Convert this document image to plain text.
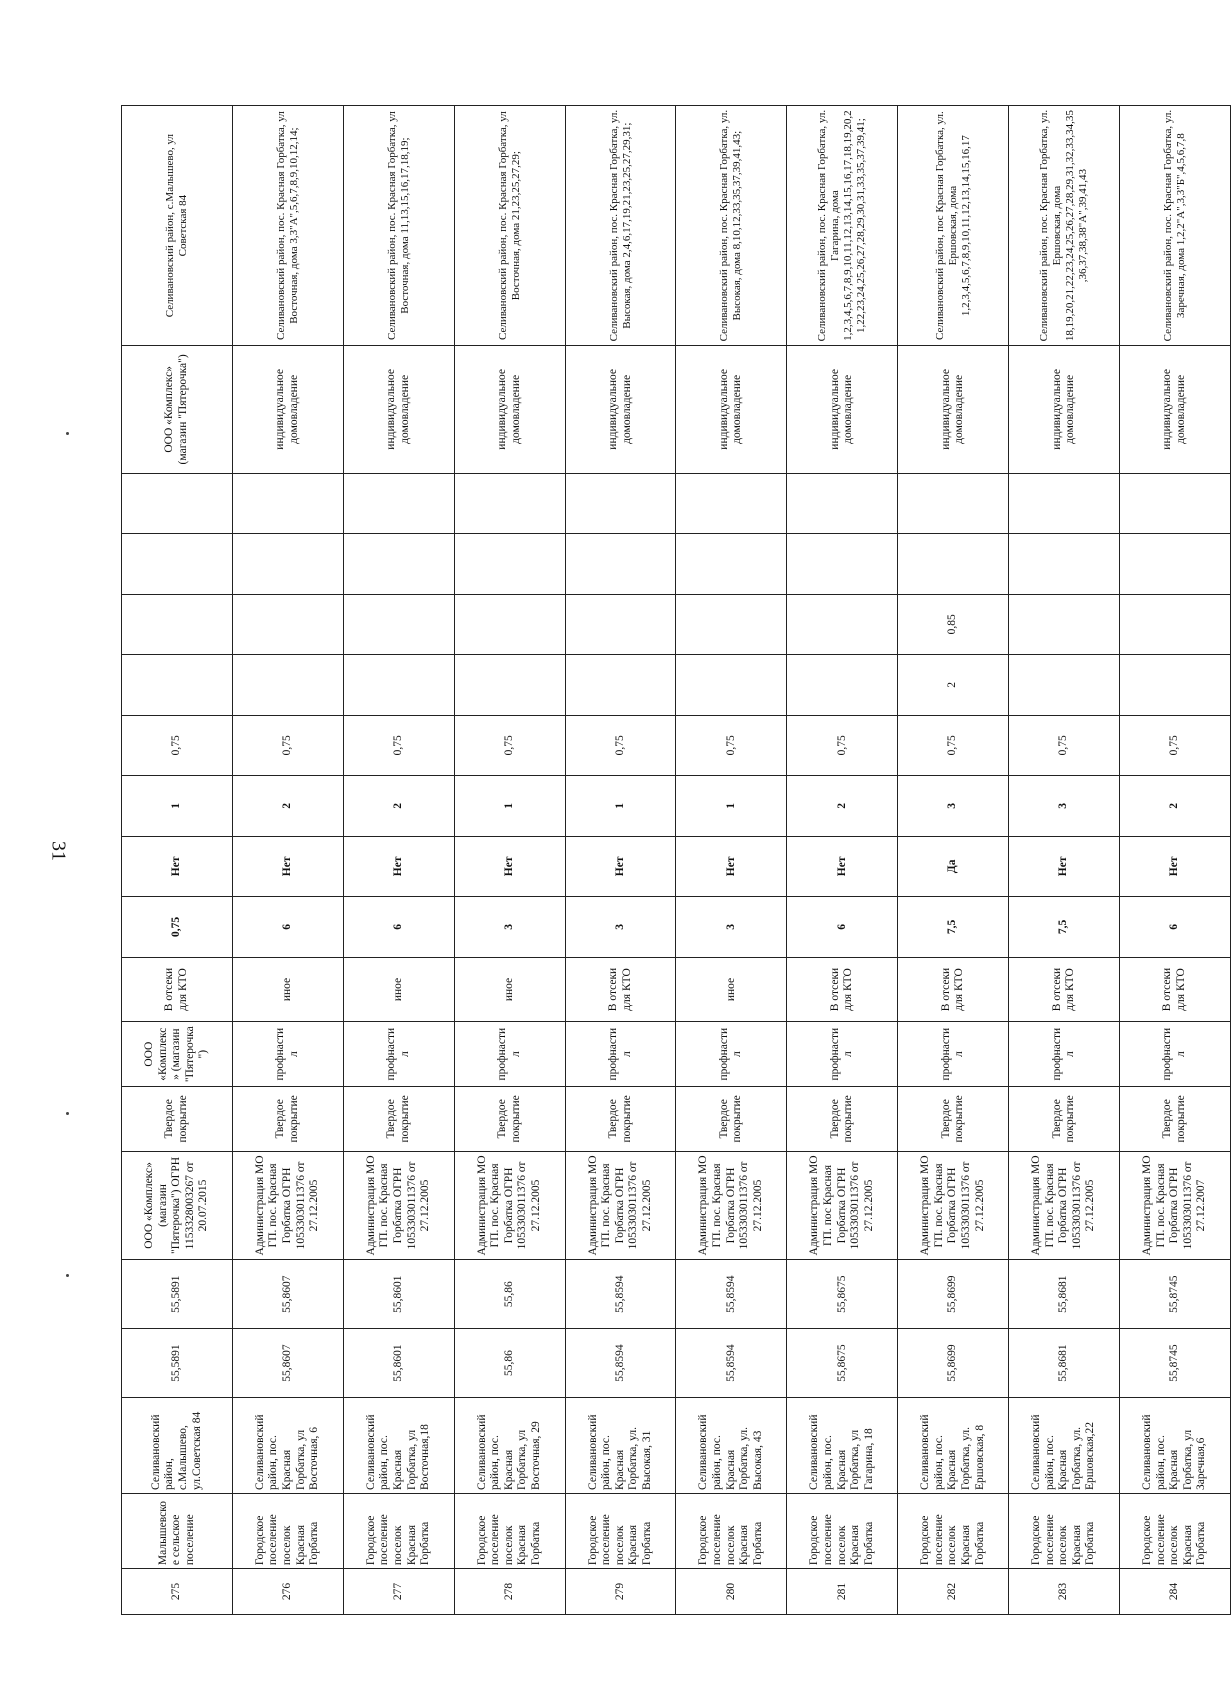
31
275	Малышевско е сельское поселение	Селивановский район, с.Малышево, ул.Советская 84	55,5891	55,5891	ООО «Комплекс» (магазин "Пятерочка") ОГРН 1153328003267 от 20.07.2015	Твердое покрытие	ООО «Комплекс » (магазин "Пятерочка ")	В отсеки для КТО	0,75	Нет	1	0,75					ООО «Комплекс» (магазин "Пятерочка")	Селивановский район, с.Малышево, ул Советская 84
276	Городское поселение поселок Красная Горбатка	Селивановский район, пос. Красная Горбатка, ул Восточная, 6	55,8607	55,8607	Администрация МО ГП. пос. Красная Горбатка ОГРН 1053303011376 от 27.12.2005	Твердое покрытие	профнастил	иное	6	Нет	2	0,75					индивидуальное домовладение	Селивановский район, пос. Красная Горбатка, ул Восточная, дома 3,3"А",5,6,7,8,9,10,12,14;
277	Городское поселение поселок Красная Горбатка	Селивановский район, пос. Красная Горбатка, ул Восточная,18	55,8601	55,8601	Администрация МО ГП. пос. Красная Горбатка ОГРН 1053303011376 от 27.12.2005	Твердое покрытие	профнастил	иное	6	Нет	2	0,75					индивидуальное домовладение	Селивановский район, пос. Красная Горбатка, ул Восточная, дома 11,13,15,16,17,18,19;
278	Городское поселение поселок Красная Горбатка	Селивановский район, пос. Красная Горбатка, ул Восточная, 29	55,86	55,86	Администрация МО ГП. пос. Красная Горбатка ОГРН 1053303011376 от 27.12.2005	Твердое покрытие	профнастил	иное	3	Нет	1	0,75					индивидуальное домовладение	Селивановский район, пос. Красная Горбатка, ул Восточная, дома 21,23,25,27,29;
279	Городское поселение поселок Красная Горбатка	Селивановский район, пос. Красная Горбатка, ул. Высокая, 31	55,8594	55,8594	Администрация МО ГП. пос. Красная Горбатка ОГРН 1053303011376 от 27.12.2005	Твердое покрытие	профнастил	В отсеки для КТО	3	Нет	1	0,75					индивидуальное домовладение	Селивановский район, пос. Красная Горбатка, ул. Высокая, дома 2,4,6,17,19,21,23,25,27,29,31;
280	Городское поселение поселок Красная Горбатка	Селивановский район, пос. Красная Горбатка, ул. Высокая, 43	55,8594	55,8594	Администрация МО ГП. пос. Красная Горбатка ОГРН 1053303011376 от 27.12.2005	Твердое покрытие	профнастил	иное	3	Нет	1	0,75					индивидуальное домовладение	Селивановский район, пос. Красная Горбатка, ул. Высокая, дома 8,10,12,33,35,37,39,41,43;
281	Городское поселение поселок Красная Горбатка	Селивановский район, пос. Красная Горбатка, ул Гагарина, 18	55,8675	55,8675	Администрация МО ГП. пос Красная Горбатка ОГРН 1053303011376 от 27.12.2005	Твердое покрытие	профнастил	В отсеки для КТО	6	Нет	2	0,75					индивидуальное домовладение	Селивановский район, пос. Красная Горбатка, ул. Гагарина, дома 1,2,3,4,5,6,7,8,9,10,11,12,13,14,15,16,17,18,19,20,21,22,23,24,25,26,27,28,29,30,31,33,35,37,39,41;
282	Городское поселение поселок Красная Горбатка	Селивановский район, пос. Красная Горбатка, ул. Ершовская, 8	55,8699	55,8699	Администрация МО ГП. пос. Красная Горбатка ОГРН 1053303011376 от 27.12.2005	Твердое покрытие	профнастил	В отсеки для КТО	7,5	Да	3	0,75	2	0,85			индивидуальное домовладение	Селивановский район, пос Красная Горбатка, ул. Ершовская, дома 1,2,3,4,5,6,7,8,9,10,11,12,13,14,15,16,17
283	Городское поселение поселок Красная Горбатка	Селивановский район, пос. Красная Горбатка, ул. Ершовская,22	55,8681	55,8681	Администрация МО ГП. пос. Красная Горбатка ОГРН 1053303011376 от 27.12.2005	Твердое покрытие	профнастил	В отсеки для КТО	7,5	Нет	3	0,75					индивидуальное домовладение	Селивановский район, пос. Красная Горбатка, ул. Ершовская, дома 18,19,20,21,22,23,24,25,26,27,28,29,31,32,33,34,35,36,37,38,38"А",39,41,43
284	Городское поселение поселок Красная Горбатка	Селивановский район, пос. Красная Горбатка, ул Заречная,6	55,8745	55,8745	Администрация МО ГП. пос. Красная Горбатка ОГРН 1053303011376 от 27.12.2007	Твердое покрытие	профнастил	В отсеки для КТО	6	Нет	2	0,75					индивидуальное домовладение	Селивановский район, пос. Красная Горбатка, ул. Заречная, дома 1,2,2"А",3,3"Б",4,5,6,7,8
